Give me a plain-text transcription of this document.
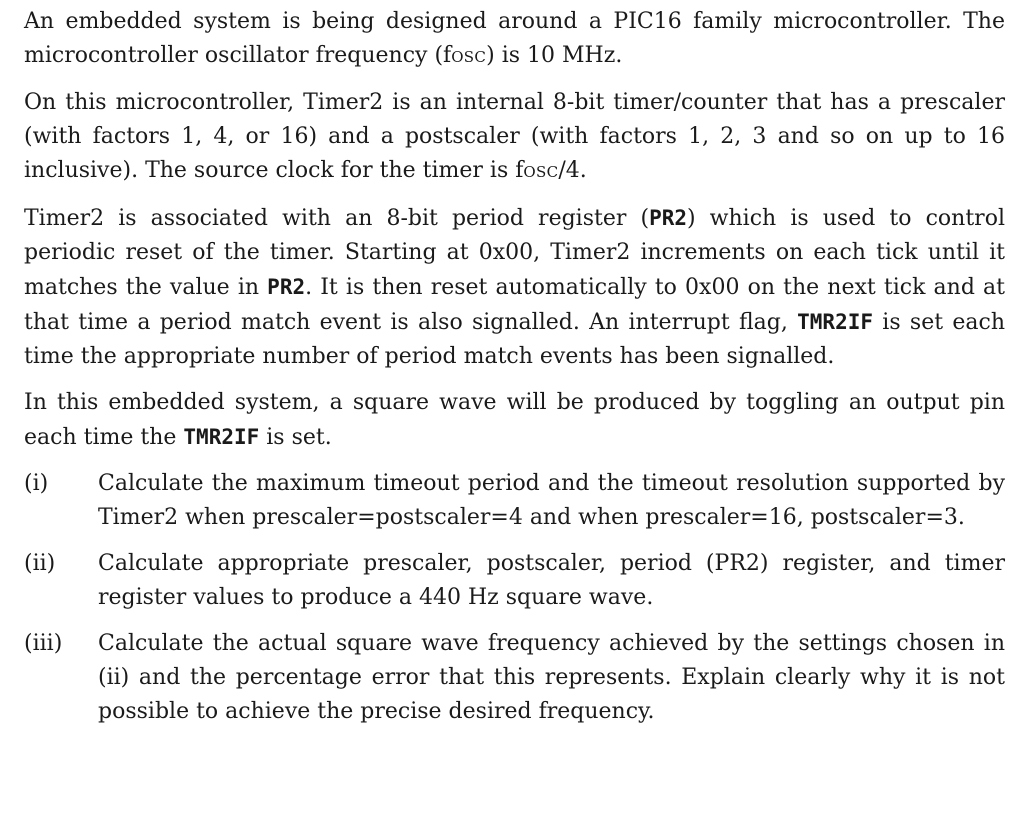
An embedded system is being designed around a PIC16 family microcontroller. The microcontroller oscillator frequency (fOSC) is 10 MHz.

On this microcontroller, Timer2 is an internal 8-bit timer/counter that has a prescaler (with factors 1, 4, or 16) and a postscaler (with factors 1, 2, 3 and so on up to 16 inclusive). The source clock for the timer is fOSC/4.

Timer2 is associated with an 8-bit period register (PR2) which is used to control periodic reset of the timer. Starting at 0x00, Timer2 increments on each tick until it matches the value in PR2. It is then reset automatically to 0x00 on the next tick and at that time a period match event is also signalled. An interrupt flag, TMR2IF is set each time the appropriate number of period match events has been signalled.

In this embedded system, a square wave will be produced by toggling an output pin each time the TMR2IF is set.

(i)	Calculate the maximum timeout period and the timeout resolution supported by Timer2 when prescaler=postscaler=4 and when prescaler=16, postscaler=3.
(ii)	Calculate appropriate prescaler, postscaler, period (PR2) register, and timer register values to produce a 440 Hz square wave.
(iii)	Calculate the actual square wave frequency achieved by the settings chosen in (ii) and the percentage error that this represents. Explain clearly why it is not possible to achieve the precise desired frequency.
